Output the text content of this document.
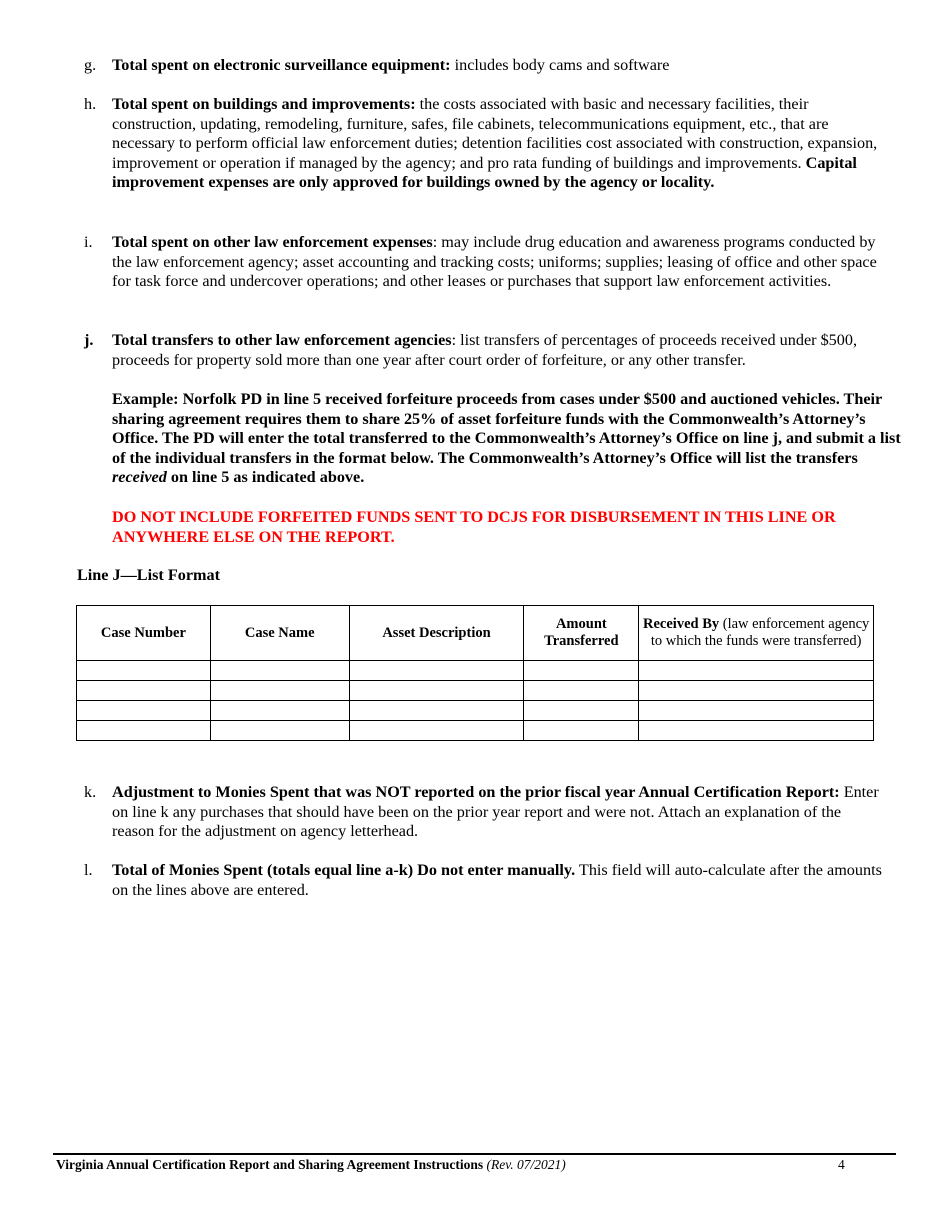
g. Total spent on electronic surveillance equipment: includes body cams and software
h. Total spent on buildings and improvements: the costs associated with basic and necessary facilities, their construction, updating, remodeling, furniture, safes, file cabinets, telecommunications equipment, etc., that are necessary to perform official law enforcement duties; detention facilities cost associated with construction, expansion, improvement or operation if managed by the agency; and pro rata funding of buildings and improvements. Capital improvement expenses are only approved for buildings owned by the agency or locality.
i. Total spent on other law enforcement expenses: may include drug education and awareness programs conducted by the law enforcement agency; asset accounting and tracking costs; uniforms; supplies; leasing of office and other space for task force and undercover operations; and other leases or purchases that support law enforcement activities.
j. Total transfers to other law enforcement agencies: list transfers of percentages of proceeds received under $500, proceeds for property sold more than one year after court order of forfeiture, or any other transfer.
Example: Norfolk PD in line 5 received forfeiture proceeds from cases under $500 and auctioned vehicles. Their sharing agreement requires them to share 25% of asset forfeiture funds with the Commonwealth’s Attorney’s Office. The PD will enter the total transferred to the Commonwealth’s Attorney’s Office on line j, and submit a list of the individual transfers in the format below. The Commonwealth’s Attorney’s Office will list the transfers received on line 5 as indicated above.
DO NOT INCLUDE FORFEITED FUNDS SENT TO DCJS FOR DISBURSEMENT IN THIS LINE OR ANYWHERE ELSE ON THE REPORT.
Line J—List Format
Case Number	Case Name	Asset Description	Amount Transferred	Received By (law enforcement agency to which the funds were transferred)

k. Adjustment to Monies Spent that was NOT reported on the prior fiscal year Annual Certification Report: Enter on line k any purchases that should have been on the prior year report and were not. Attach an explanation of the reason for the adjustment on agency letterhead.
l. Total of Monies Spent (totals equal line a-k) Do not enter manually. This field will auto-calculate after the amounts on the lines above are entered.
Virginia Annual Certification Report and Sharing Agreement Instructions (Rev. 07/2021)	4
